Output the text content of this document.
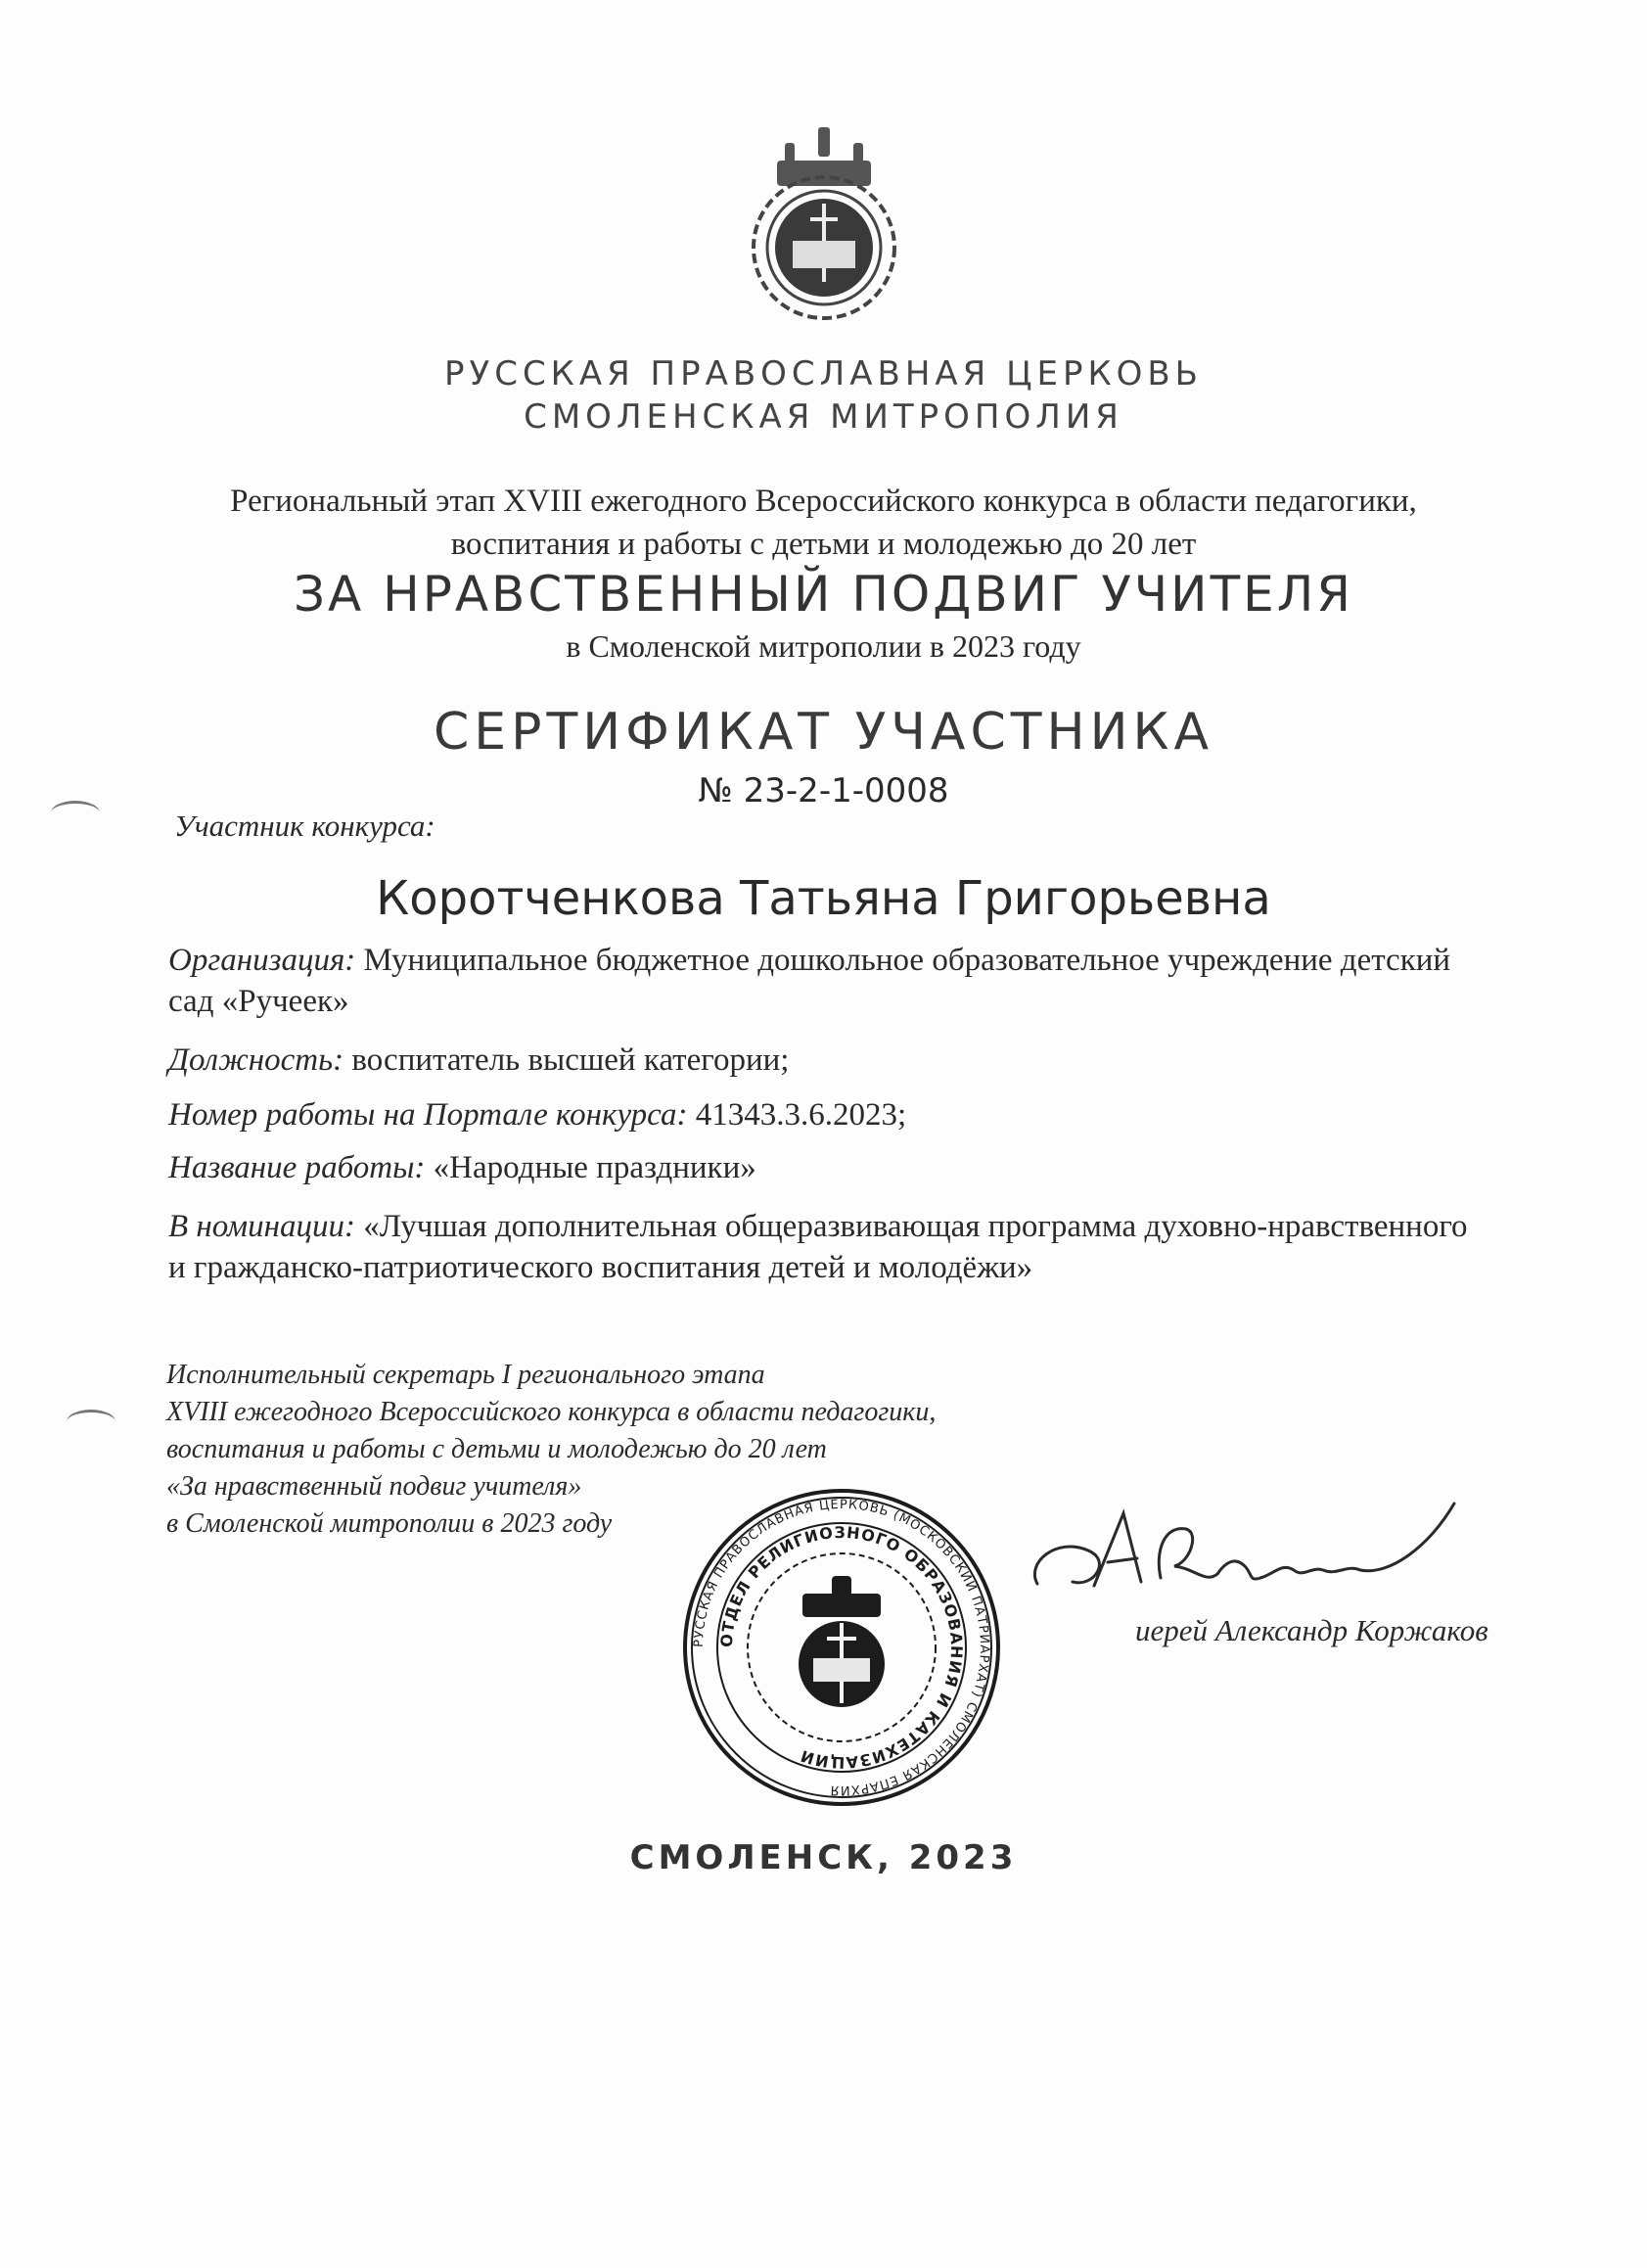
РУССКАЯ ПРАВОСЛАВНАЯ ЦЕРКОВЬ
СМОЛЕНСКАЯ МИТРОПОЛИЯ
Региональный этап XVIII ежегодного Всероссийского конкурса в области педагогики,
воспитания и работы с детьми и молодежью до 20 лет
ЗА НРАВСТВЕННЫЙ ПОДВИГ УЧИТЕЛЯ
в Смоленской митрополии в 2023 году
СЕРТИФИКАТ УЧАСТНИКА
№ 23-2-1-0008
Участник конкурса:
Коротченкова Татьяна Григорьевна
Организация: Муниципальное бюджетное дошкольное образовательное учреждение детский сад «Ручеек»
Должность: воспитатель высшей категории;
Номер работы на Портале конкурса: 41343.3.6.2023;
Название работы: «Народные праздники»
В номинации: «Лучшая дополнительная общеразвивающая программа духовно-нравственного и гражданско-патриотического воспитания детей и молодёжи»
Исполнительный секретарь I регионального этапа
XVIII ежегодного Всероссийского конкурса в области педагогики,
воспитания и работы с детьми и молодежью до 20 лет
«За нравственный подвиг учителя»
в Смоленской митрополии в 2023 году
РУССКАЯ ПРАВОСЛАВНАЯ ЦЕРКОВЬ (МОСКОВСКИЙ ПАТРИАРХАТ) СМОЛЕНСКАЯ ЕПАРХИЯ
ОТДЕЛ РЕЛИГИОЗНОГО ОБРАЗОВАНИЯ И КАТЕХИЗАЦИИ
иерей Александр Коржаков
СМОЛЕНСК, 2023
